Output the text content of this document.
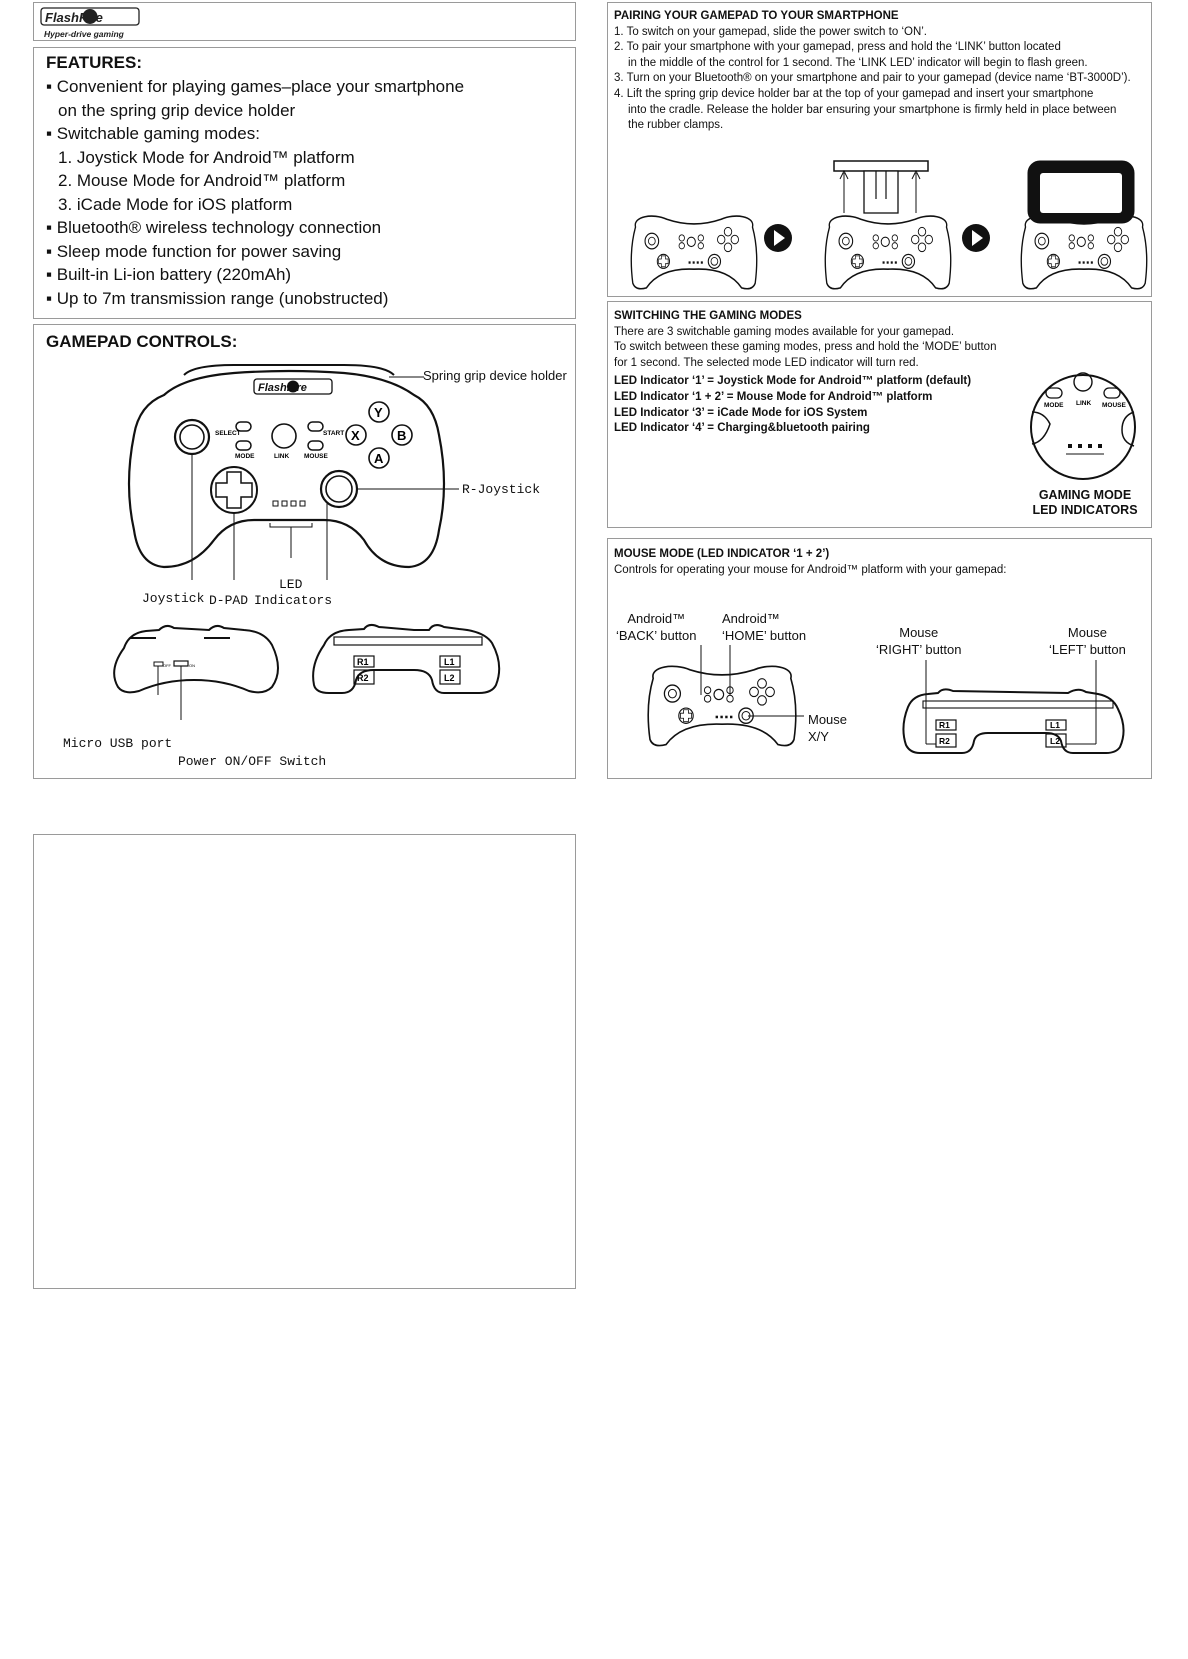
FlashFire
Hyper-drive gaming
FEATURES:
▪ Convenient for playing games–place your smartphone
on the spring grip device holder
▪ Switchable gaming modes:
1. Joystick Mode for Android™ platform
2. Mouse Mode for Android™ platform
3. iCade Mode for iOS platform
▪ Bluetooth® wireless technology connection
▪ Sleep mode function for power saving
▪ Built-in Li-ion battery (220mAh)
▪ Up to 7m transmission range (unobstructed)
GAMEPAD CONTROLS:
FlashFire
SELECT
MODE	LINK
START
MOUSE
Y
X	B
A
OFF	ON	R1
R2
L1
L2
Spring grip device holder
R-Joystick
Joystick D-PAD
LED
Indicators
Micro USB port
Power ON/OFF Switch
PAIRING YOUR GAMEPAD TO YOUR SMARTPHONE
1. To switch on your gamepad, slide the power switch to ‘ON’.
2. To pair your smartphone with your gamepad, press and hold the ‘LINK’ button located
in the middle of the control for 1 second. The ‘LINK LED’ indicator will begin to flash green.
3. Turn on your Bluetooth® on your smartphone and pair to your gamepad (device name ‘BT-3000D’).
4. Lift the spring grip device holder bar at the top of your gamepad and insert your smartphone
into the cradle. Release the holder bar ensuring your smartphone is firmly held in place between
the rubber clamps.
SWITCHING THE GAMING MODES
There are 3 switchable gaming modes available for your gamepad.
To switch between these gaming modes, press and hold the ‘MODE’ button
for 1 second. The selected mode LED indicator will turn red.
LED Indicator ‘1’ = Joystick Mode for Android™ platform (default)
LED Indicator ‘1 + 2’ = Mouse Mode for Android™ platform
LED Indicator ‘3’ = iCade Mode for iOS System
LED Indicator ‘4’ = Charging&bluetooth pairing
MODE LINK MOUSE
GAMING MODE
LED INDICATORS
MOUSE MODE (LED INDICATOR ‘1 + 2’)
Controls for operating your mouse for Android™ platform with your gamepad:
Android™
‘BACK’ button
Android™
‘HOME’ button	Mouse
‘RIGHT’ button
Mouse
‘LEFT’ button
Mouse
X/Y
R1
R2
L1
L2
